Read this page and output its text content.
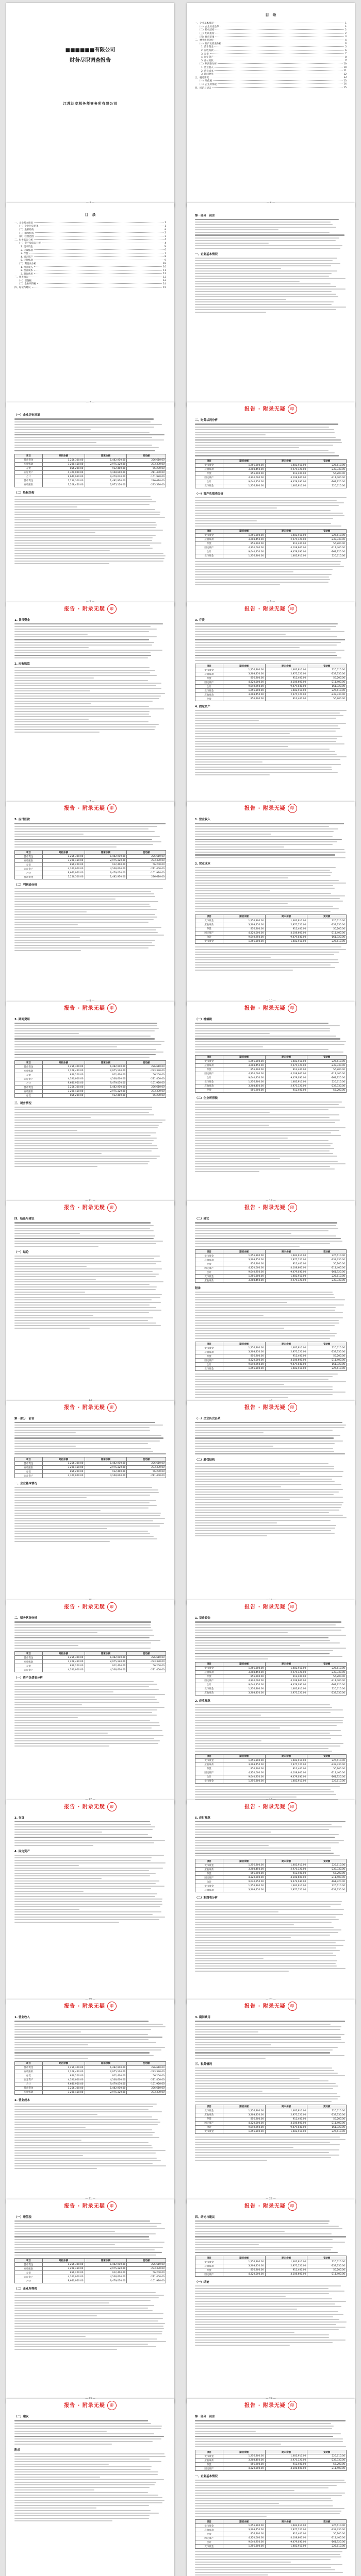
■■■■■■有限公司
财务尽职调查报告
江苏达安税务师事务所有限公司
目　录
一、企业基本情况	1
（一）企业历史沿革	1
（二）股权结构	2
（三）组织机构	2
（四）经营范围	3
二、财务状况分析	4
（一）资产负债表分析	4
1. 货币资金	5
2. 应收账款	6
3. 存货	7
4. 固定资产	8
5. 应付账款	9
（二）利润表分析	10
1. 营业收入	10
2. 营业成本	11
3. 期间费用	12
三、税务情况	13
（一）增值税	13
（二）企业所得税	14
四、结论与建议	15
目　录
一、企业基本情况	1
（一）企业历史沿革	1
（二）股权结构	2
（三）组织机构	2
（四）经营范围	3
二、财务状况分析	4
（一）资产负债表分析	4
1. 货币资金	5
2. 应收账款	6
3. 存货	7
4. 固定资产	8
5. 应付账款	9
（二）利润表分析	10
1. 营业收入	10
2. 营业成本	11
3. 期间费用	12
三、税务情况	13
（一）增值税	13
（二）企业所得税	14
四、结论与建议	15
第一部分　前言
一、企业基本情况
（一）企业历史沿革
项目	期初余额	期末余额	变动额
货币资金	1,256,300.00	1,482,910.00	226,610.00
应收账款	3,208,450.00	2,975,120.00	-233,330.00
存货	856,200.00	912,400.00	56,200.00
固定资产	4,320,000.00	4,108,600.00	-211,400.00
合计	9,640,950.00	9,479,030.00	-161,920.00
货币资金	1,256,300.00	1,482,910.00	226,610.00
应收账款	3,208,450.00	2,975,120.00	-233,330.00
（二）股权结构
报告 · 附录无疑 印
二、财务状况分析
项目	期初余额	期末余额	变动额
货币资金	1,256,300.00	1,482,910.00	226,610.00
应收账款	3,208,450.00	2,975,120.00	-233,330.00
存货	856,200.00	912,400.00	56,200.00
固定资产	4,320,000.00	4,108,600.00	-211,400.00
合计	9,640,950.00	9,479,030.00	-161,920.00
货币资金	1,256,300.00	1,482,910.00	226,610.00
（一）资产负债表分析
项目	期初余额	期末余额	变动额
货币资金	1,256,300.00	1,482,910.00	226,610.00
应收账款	3,208,450.00	2,975,120.00	-233,330.00
存货	856,200.00	912,400.00	56,200.00
固定资产	4,320,000.00	4,108,600.00	-211,400.00
合计	9,640,950.00	9,479,030.00	-161,920.00
货币资金	1,256,300.00	1,482,910.00	226,610.00
报告 · 附录无疑 印
1. 货币资金
2. 应收账款
报告 · 附录无疑 印
3. 存货
项目	期初余额	期末余额	变动额
货币资金	1,256,300.00	1,482,910.00	226,610.00
应收账款	3,208,450.00	2,975,120.00	-233,330.00
存货	856,200.00	912,400.00	56,200.00
固定资产	4,320,000.00	4,108,600.00	-211,400.00
合计	9,640,950.00	9,479,030.00	-161,920.00
货币资金	1,256,300.00	1,482,910.00	226,610.00
应收账款	3,208,450.00	2,975,120.00	-233,330.00
存货	856,200.00	912,400.00	56,200.00
4. 固定资产
报告 · 附录无疑 印
5. 应付账款
项目	期初余额	期末余额	变动额
货币资金	1,256,300.00	1,482,910.00	226,610.00
应收账款	3,208,450.00	2,975,120.00	-233,330.00
存货	856,200.00	912,400.00	56,200.00
固定资产	4,320,000.00	4,108,600.00	-211,400.00
合计	9,640,950.00	9,479,030.00	-161,920.00
货币资金	1,256,300.00	1,482,910.00	226,610.00
（二）利润表分析
报告 · 附录无疑 印
1. 营业收入
2. 营业成本
项目	期初余额	期末余额	变动额
货币资金	1,256,300.00	1,482,910.00	226,610.00
应收账款	3,208,450.00	2,975,120.00	-233,330.00
存货	856,200.00	912,400.00	56,200.00
固定资产	4,320,000.00	4,108,600.00	-211,400.00
合计	9,640,950.00	9,479,030.00	-161,920.00
货币资金	1,256,300.00	1,482,910.00	226,610.00
报告 · 附录无疑 印
3. 期间费用
项目	期初余额	期末余额	变动额
货币资金	1,256,300.00	1,482,910.00	226,610.00
应收账款	3,208,450.00	2,975,120.00	-233,330.00
存货	856,200.00	912,400.00	56,200.00
固定资产	4,320,000.00	4,108,600.00	-211,400.00
合计	9,640,950.00	9,479,030.00	-161,920.00
货币资金	1,256,300.00	1,482,910.00	226,610.00
应收账款	3,208,450.00	2,975,120.00	-233,330.00
存货	856,200.00	912,400.00	56,200.00
三、税务情况
报告 · 附录无疑 印
（一）增值税
项目	期初余额	期末余额	变动额
货币资金	1,256,300.00	1,482,910.00	226,610.00
应收账款	3,208,450.00	2,975,120.00	-233,330.00
存货	856,200.00	912,400.00	56,200.00
固定资产	4,320,000.00	4,108,600.00	-211,400.00
合计	9,640,950.00	9,479,030.00	-161,920.00
货币资金	1,256,300.00	1,482,910.00	226,610.00
应收账款	3,208,450.00	2,975,120.00	-233,330.00
存货	856,200.00	912,400.00	56,200.00
（二）企业所得税
报告 · 附录无疑 印
四、结论与建议
（一）结论
报告 · 附录无疑 印
（二）建议
项目	期初余额	期末余额	变动额
货币资金	1,256,300.00	1,482,910.00	226,610.00
应收账款	3,208,450.00	2,975,120.00	-233,330.00
存货	856,200.00	912,400.00	56,200.00
固定资产	4,320,000.00	4,108,600.00	-211,400.00
合计	9,640,950.00	9,479,030.00	-161,920.00
货币资金	1,256,300.00	1,482,910.00	226,610.00
应收账款	3,208,450.00	2,975,120.00	-233,330.00
附录
项目	期初余额	期末余额	变动额
货币资金	1,256,300.00	1,482,910.00	226,610.00
应收账款	3,208,450.00	2,975,120.00	-233,330.00
存货	856,200.00	912,400.00	56,200.00
固定资产	4,320,000.00	4,108,600.00	-211,400.00
合计	9,640,950.00	9,479,030.00	-161,920.00
货币资金	1,256,300.00	1,482,910.00	226,610.00
报告 · 附录无疑 印
第一部分　前言
项目	期初余额	期末余额	变动额
货币资金	1,256,300.00	1,482,910.00	226,610.00
应收账款	3,208,450.00	2,975,120.00	-233,330.00
存货	856,200.00	912,400.00	56,200.00
固定资产	4,320,000.00	4,108,600.00	-211,400.00
一、企业基本情况
报告 · 附录无疑 印
（一）企业历史沿革
（二）股权结构
报告 · 附录无疑 印
二、财务状况分析
项目	期初余额	期末余额	变动额
货币资金	1,256,300.00	1,482,910.00	226,610.00
应收账款	3,208,450.00	2,975,120.00	-233,330.00
存货	856,200.00	912,400.00	56,200.00
固定资产	4,320,000.00	4,108,600.00	-211,400.00
（一）资产负债表分析
报告 · 附录无疑 印
1. 货币资金
项目	期初余额	期末余额	变动额
货币资金	1,256,300.00	1,482,910.00	226,610.00
应收账款	3,208,450.00	2,975,120.00	-233,330.00
存货	856,200.00	912,400.00	56,200.00
固定资产	4,320,000.00	4,108,600.00	-211,400.00
合计	9,640,950.00	9,479,030.00	-161,920.00
货币资金	1,256,300.00	1,482,910.00	226,610.00
应收账款	3,208,450.00	2,975,120.00	-233,330.00
2. 应收账款
项目	期初余额	期末余额	变动额
货币资金	1,256,300.00	1,482,910.00	226,610.00
应收账款	3,208,450.00	2,975,120.00	-233,330.00
存货	856,200.00	912,400.00	56,200.00
固定资产	4,320,000.00	4,108,600.00	-211,400.00
合计	9,640,950.00	9,479,030.00	-161,920.00
货币资金	1,256,300.00	1,482,910.00	226,610.00
报告 · 附录无疑 印
3. 存货
4. 固定资产
报告 · 附录无疑 印
5. 应付账款
项目	期初余额	期末余额	变动额
货币资金	1,256,300.00	1,482,910.00	226,610.00
应收账款	3,208,450.00	2,975,120.00	-233,330.00
存货	856,200.00	912,400.00	56,200.00
固定资产	4,320,000.00	4,108,600.00	-211,400.00
合计	9,640,950.00	9,479,030.00	-161,920.00
货币资金	1,256,300.00	1,482,910.00	226,610.00
应收账款	3,208,450.00	2,975,120.00	-233,330.00
（二）利润表分析
报告 · 附录无疑 印
1. 营业收入
项目	期初余额	期末余额	变动额
货币资金	1,256,300.00	1,482,910.00	226,610.00
应收账款	3,208,450.00	2,975,120.00	-233,330.00
存货	856,200.00	912,400.00	56,200.00
固定资产	4,320,000.00	4,108,600.00	-211,400.00
合计	9,640,950.00	9,479,030.00	-161,920.00
货币资金	1,256,300.00	1,482,910.00	226,610.00
应收账款	3,208,450.00	2,975,120.00	-233,330.00
2. 营业成本
报告 · 附录无疑 印
3. 期间费用
三、税务情况
项目	期初余额	期末余额	变动额
货币资金	1,256,300.00	1,482,910.00	226,610.00
应收账款	3,208,450.00	2,975,120.00	-233,330.00
存货	856,200.00	912,400.00	56,200.00
固定资产	4,320,000.00	4,108,600.00	-211,400.00
合计	9,640,950.00	9,479,030.00	-161,920.00
货币资金	1,256,300.00	1,482,910.00	226,610.00
报告 · 附录无疑 印
（一）增值税
项目	期初余额	期末余额	变动额
货币资金	1,256,300.00	1,482,910.00	226,610.00
应收账款	3,208,450.00	2,975,120.00	-233,330.00
存货	856,200.00	912,400.00	56,200.00
固定资产	4,320,000.00	4,108,600.00	-211,400.00
合计	9,640,950.00	9,479,030.00	-161,920.00
（二）企业所得税
报告 · 附录无疑 印
四、结论与建议
项目	期初余额	期末余额	变动额
货币资金	1,256,300.00	1,482,910.00	226,610.00
应收账款	3,208,450.00	2,975,120.00	-233,330.00
存货	856,200.00	912,400.00	56,200.00
固定资产	4,320,000.00	4,108,600.00	-211,400.00
（一）结论
报告 · 附录无疑 印
（二）建议
附录
报告 · 附录无疑 印
第一部分　前言
项目	期初余额	期末余额	变动额
货币资金	1,256,300.00	1,482,910.00	226,610.00
应收账款	3,208,450.00	2,975,120.00	-233,330.00
存货	856,200.00	912,400.00	56,200.00
固定资产	4,320,000.00	4,108,600.00	-211,400.00
一、企业基本情况
项目	期初余额	期末余额	变动额
货币资金	1,256,300.00	1,482,910.00	226,610.00
应收账款	3,208,450.00	2,975,120.00	-233,330.00
存货	856,200.00	912,400.00	56,200.00
固定资产	4,320,000.00	4,108,600.00	-211,400.00
合计	9,640,950.00	9,479,030.00	-161,920.00
货币资金	1,256,300.00	1,482,910.00	226,610.00
